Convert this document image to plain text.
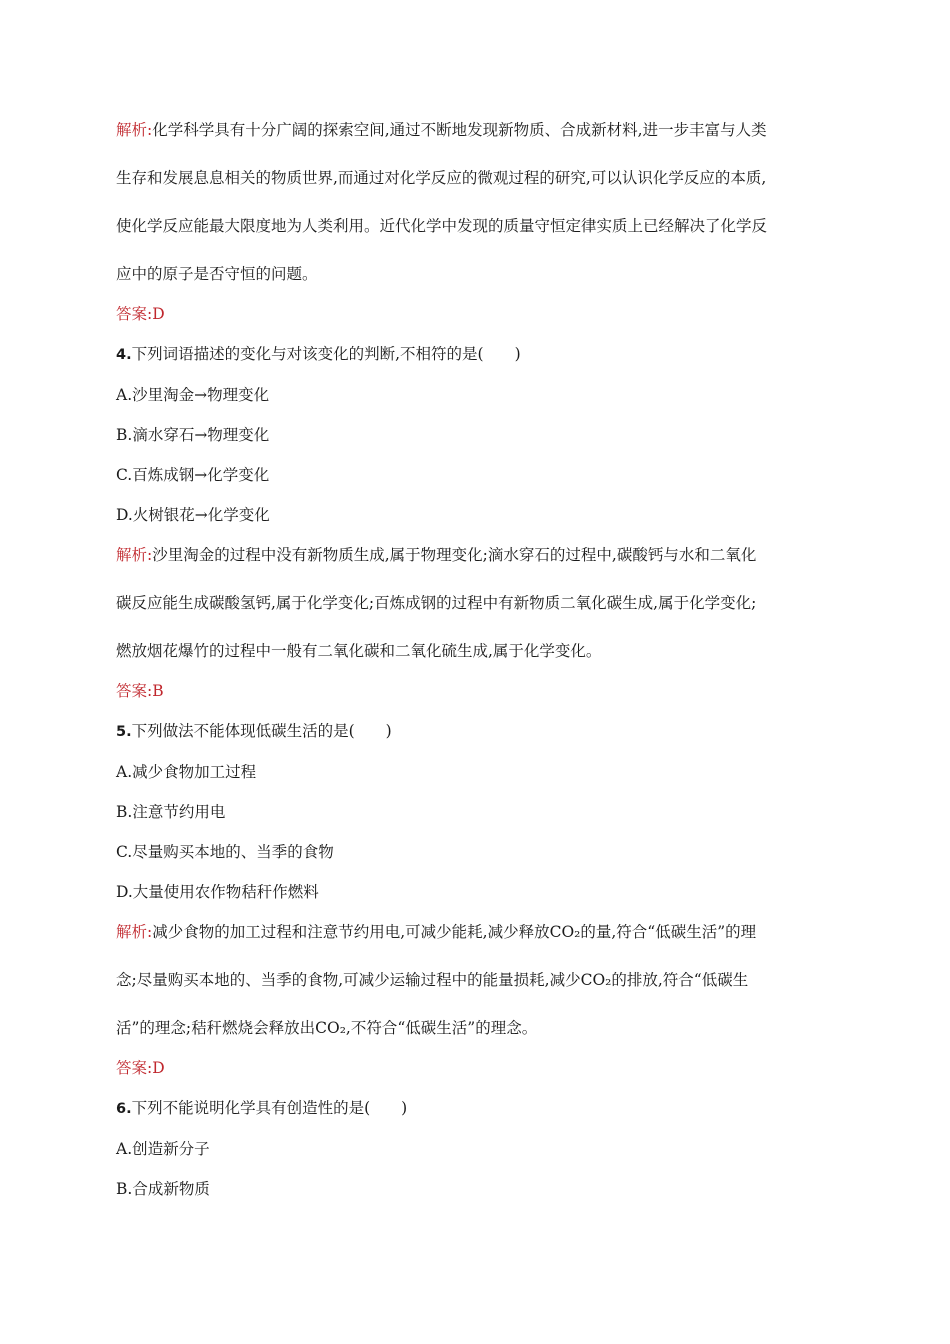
解析:化学科学具有十分广阔的探索空间,通过不断地发现新物质、合成新材料,进一步丰富与人类
生存和发展息息相关的物质世界,而通过对化学反应的微观过程的研究,可以认识化学反应的本质,
使化学反应能最大限度地为人类利用。近代化学中发现的质量守恒定律实质上已经解决了化学反
应中的原子是否守恒的问题。
答案:D
4.下列词语描述的变化与对该变化的判断,不相符的是(　　)
A.沙里淘金→物理变化
B.滴水穿石→物理变化
C.百炼成钢→化学变化
D.火树银花→化学变化
解析:沙里淘金的过程中没有新物质生成,属于物理变化;滴水穿石的过程中,碳酸钙与水和二氧化
碳反应能生成碳酸氢钙,属于化学变化;百炼成钢的过程中有新物质二氧化碳生成,属于化学变化;
燃放烟花爆竹的过程中一般有二氧化碳和二氧化硫生成,属于化学变化。
答案:B
5.下列做法不能体现低碳生活的是(　　)
A.减少食物加工过程
B.注意节约用电
C.尽量购买本地的、当季的食物
D.大量使用农作物秸秆作燃料
解析:减少食物的加工过程和注意节约用电,可减少能耗,减少释放CO₂的量,符合“低碳生活”的理
念;尽量购买本地的、当季的食物,可减少运输过程中的能量损耗,减少CO₂的排放,符合“低碳生
活”的理念;秸秆燃烧会释放出CO₂,不符合“低碳生活”的理念。
答案:D
6.下列不能说明化学具有创造性的是(　　)
A.创造新分子
B.合成新物质
